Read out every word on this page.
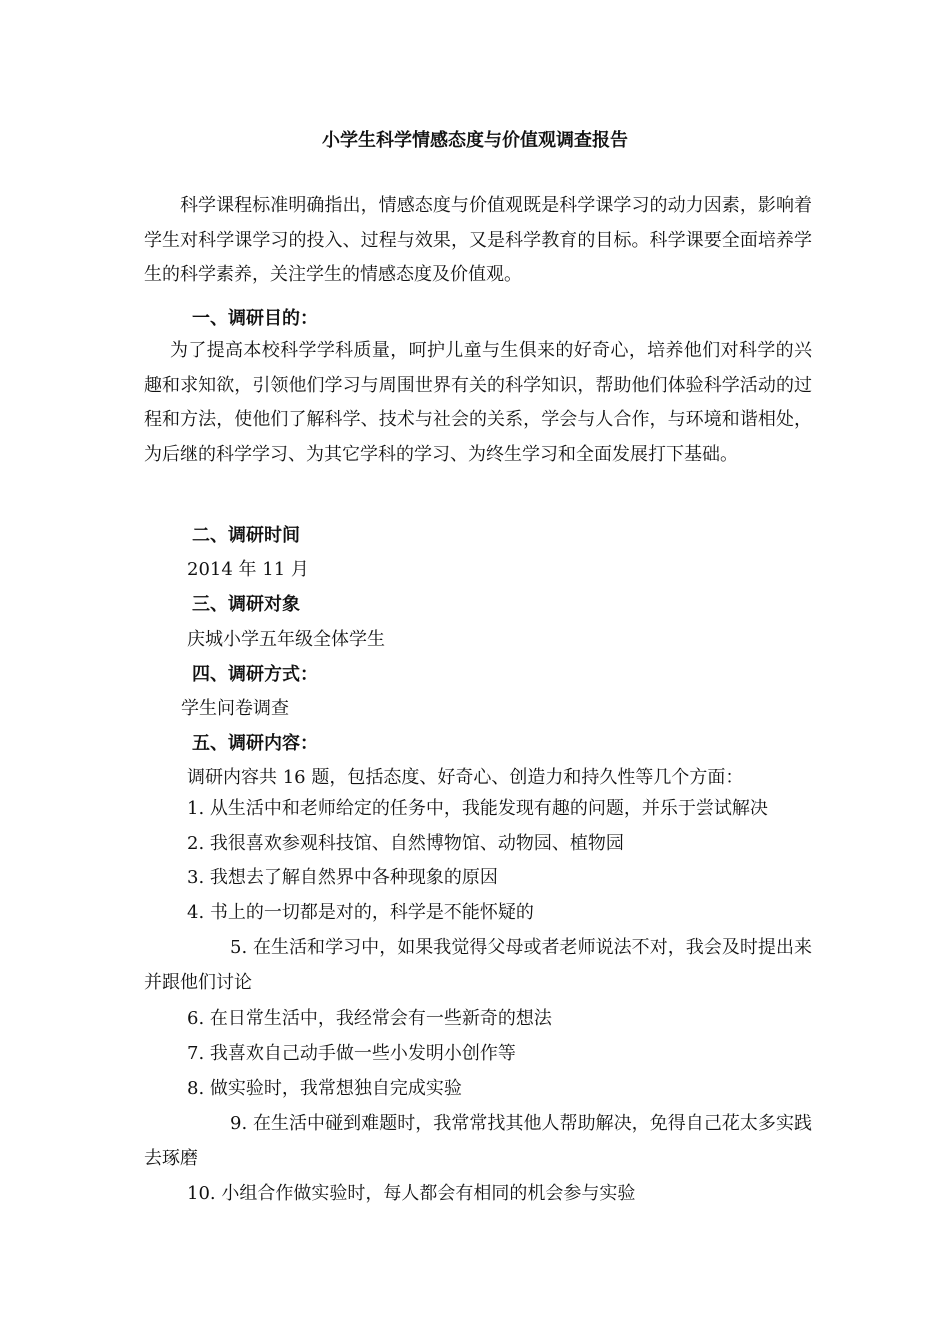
小学生科学情感态度与价值观调查报告
科学课程标准明确指出，情感态度与价值观既是科学课学习的动力因素，影响着学生对科学课学习的投入、过程与效果，又是科学教育的目标。科学课要全面培养学生的科学素养，关注学生的情感态度及价值观。
一、调研目的：
为了提高本校科学学科质量，呵护儿童与生俱来的好奇心，培养他们对科学的兴趣和求知欲，引领他们学习与周围世界有关的科学知识，帮助他们体验科学活动的过程和方法，使他们了解科学、技术与社会的关系，学会与人合作，与环境和谐相处，为后继的科学学习、为其它学科的学习、为终生学习和全面发展打下基础。
二、调研时间
2014 年 11 月
三、调研对象
庆城小学五年级全体学生
四、调研方式：
学生问卷调查
五、调研内容：
调研内容共 16 题，包括态度、好奇心、创造力和持久性等几个方面：
1. 从生活中和老师给定的任务中，我能发现有趣的问题，并乐于尝试解决
2. 我很喜欢参观科技馆、自然博物馆、动物园、植物园
3. 我想去了解自然界中各种现象的原因
4. 书上的一切都是对的，科学是不能怀疑的
5. 在生活和学习中，如果我觉得父母或者老师说法不对，我会及时提出来并跟他们讨论
6. 在日常生活中，我经常会有一些新奇的想法
7. 我喜欢自己动手做一些小发明小创作等
8. 做实验时，我常想独自完成实验
9. 在生活中碰到难题时，我常常找其他人帮助解决，免得自己花太多实践去琢磨
10. 小组合作做实验时，每人都会有相同的机会参与实验
